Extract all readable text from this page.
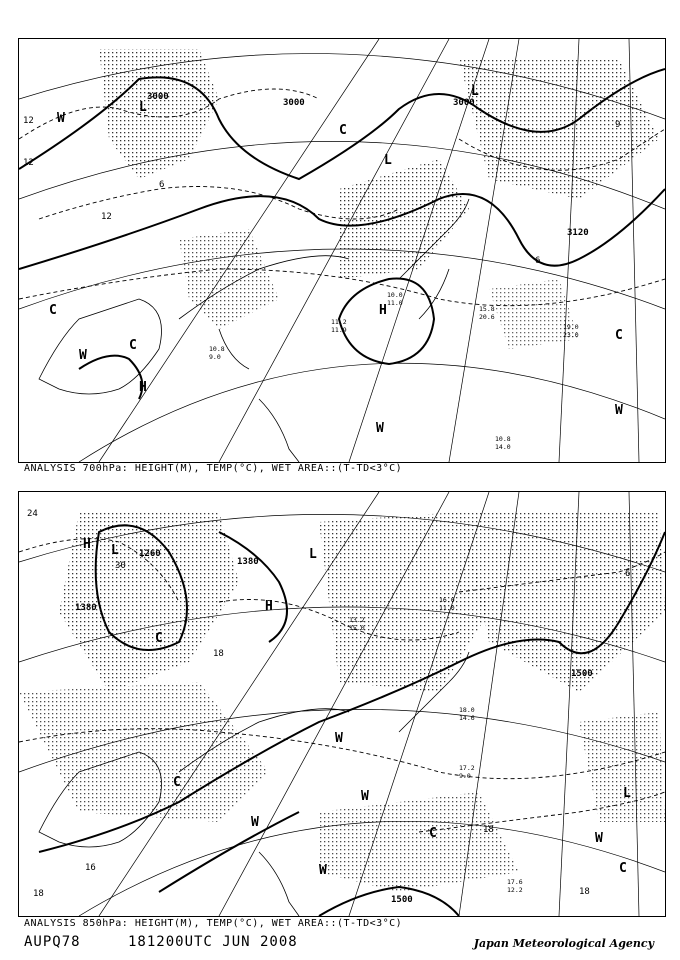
L
L
L
H
H
C
C
C
C
W
W
W
W
3000
3000	3000
3120
12
12
12
9
6
6
11.2
11.9
10.0
11.0
15.8
20.6
19.0
23.0
10.8
14.0
10.8
9.0
ANALYSIS 700hPa: HEIGHT(M), TEMP(°C), WET AREA::(T-TD<3°C)
L	L
L
H
H
C
C
C
C
W
W
W
W
W
1380
1380
1260
1500
1500
24
30
18
18
18
18
16
6
13.2
15.0
16.0
11.0
18.0
14.6
17.6
12.2
17.2
9.0
ANALYSIS 850hPa: HEIGHT(M), TEMP(°C), WET AREA::(T-TD<3°C)
AUPQ78	181200UTC JUN 2008	Japan Meteorological Agency
